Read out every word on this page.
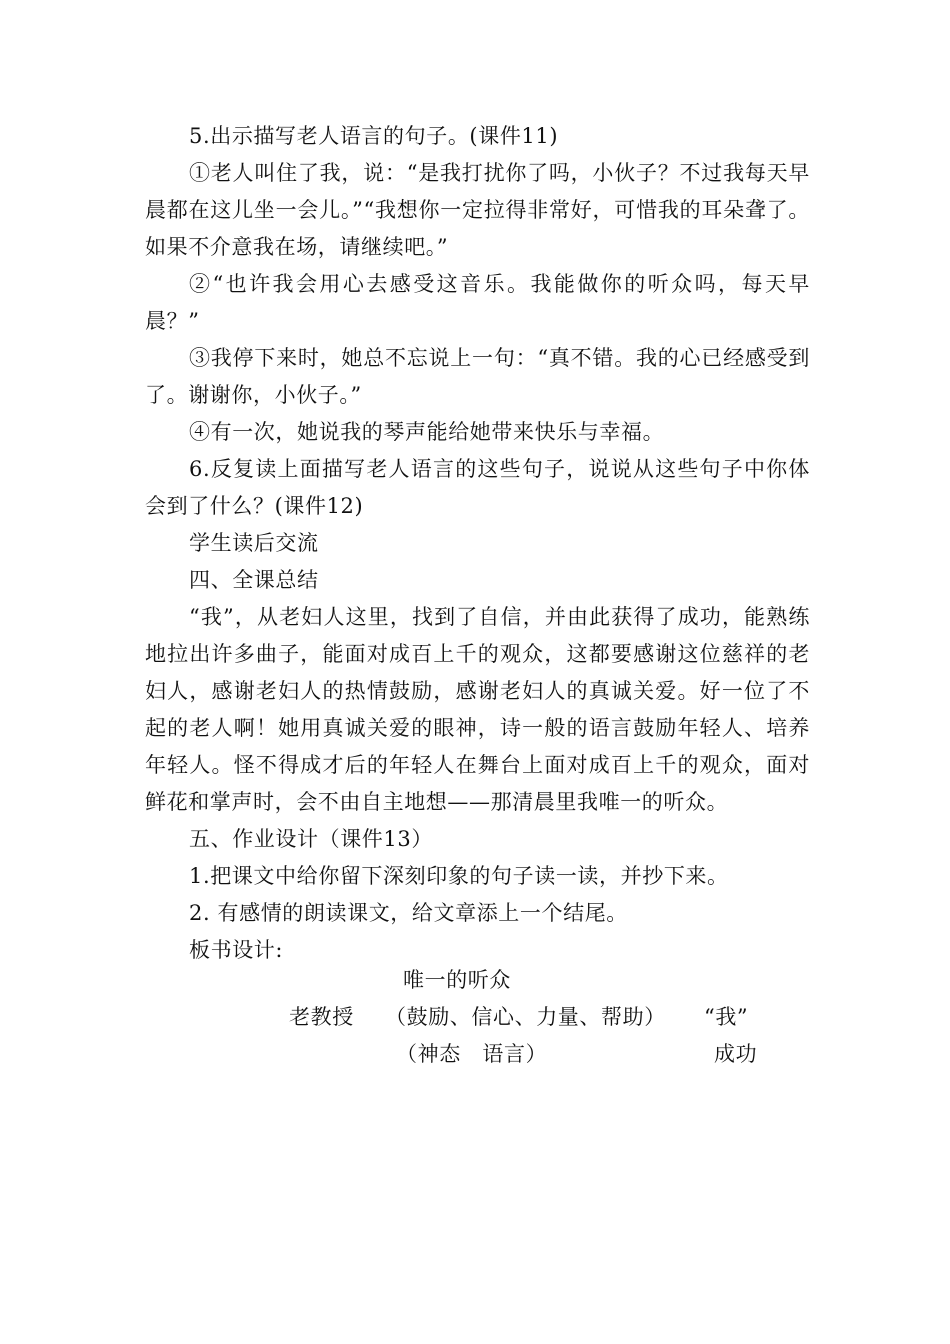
5.出示描写老人语言的句子。(课件11)

①老人叫住了我，说：“是我打扰你了吗，小伙子？不过我每天早晨都在这儿坐一会儿。”“我想你一定拉得非常好，可惜我的耳朵聋了。如果不介意我在场，请继续吧。”

②“也许我会用心去感受这音乐。我能做你的听众吗，每天早晨？”

③我停下来时，她总不忘说上一句：“真不错。我的心已经感受到了。谢谢你，小伙子。”

④有一次，她说我的琴声能给她带来快乐与幸福。

6.反复读上面描写老人语言的这些句子，说说从这些句子中你体会到了什么？(课件12)

学生读后交流

四、全课总结

“我”，从老妇人这里，找到了自信，并由此获得了成功，能熟练地拉出许多曲子，能面对成百上千的观众，这都要感谢这位慈祥的老妇人，感谢老妇人的热情鼓励，感谢老妇人的真诚关爱。好一位了不起的老人啊！她用真诚关爱的眼神，诗一般的语言鼓励年轻人、培养年轻人。怪不得成才后的年轻人在舞台上面对成百上千的观众，面对鲜花和掌声时，会不由自主地想——那清晨里我唯一的听众。

五、作业设计（课件13）

1.把课文中给你留下深刻印象的句子读一读，并抄下来。

2. 有感情的朗读课文，给文章添上一个结尾。

板书设计:

唯一的听众
老教授 （鼓励、信心、力量、帮助）
（神态　语言）
“我”
成功
